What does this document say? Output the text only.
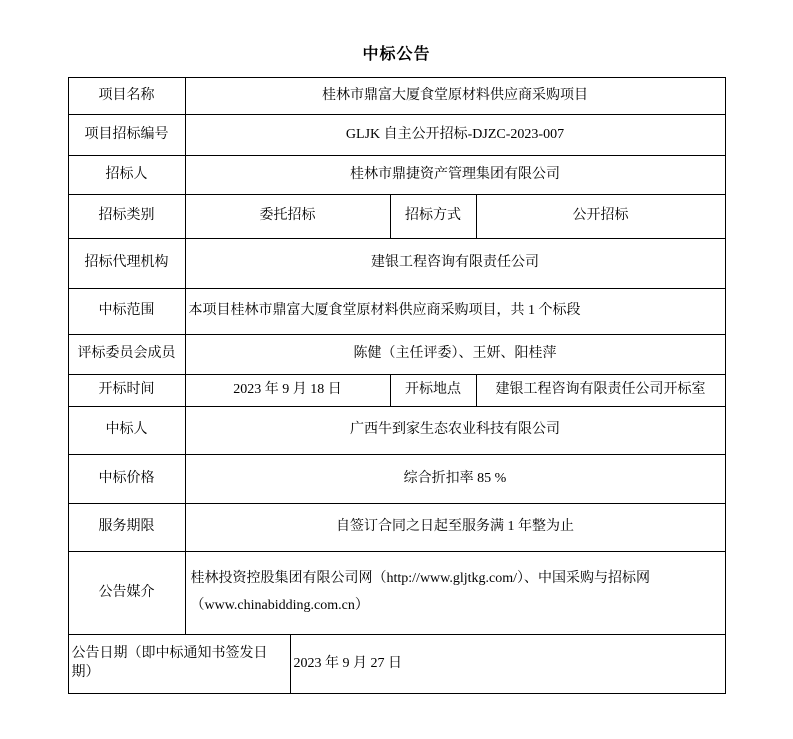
中标公告
项目名称	桂林市鼎富大厦食堂原材料供应商采购项目			
项目招标编号	GLJK 自主公开招标-DJZC-2023-007			
招标人	桂林市鼎捷资产管理集团有限公司			
招标类别	委托招标		招标方式	公开招标
招标代理机构	建银工程咨询有限责任公司			
中标范围	本项目桂林市鼎富大厦食堂原材料供应商采购项目，共 1 个标段			
评标委员会成员	陈健（主任评委）、王妍、阳桂萍			
开标时间	2023 年 9 月 18 日		开标地点	建银工程咨询有限责任公司开标室
中标人	广西牛到家生态农业科技有限公司			
中标价格	综合折扣率 85 %			
服务期限	自签订合同之日起至服务满 1 年整为止			
公告媒介	桂林投资控股集团有限公司网（http://www.gljtkg.com/）、中国采购与招标网
（www.chinabidding.com.cn）			

公告日期（即中标通知书签发日期）		2023 年 9 月 27 日		
